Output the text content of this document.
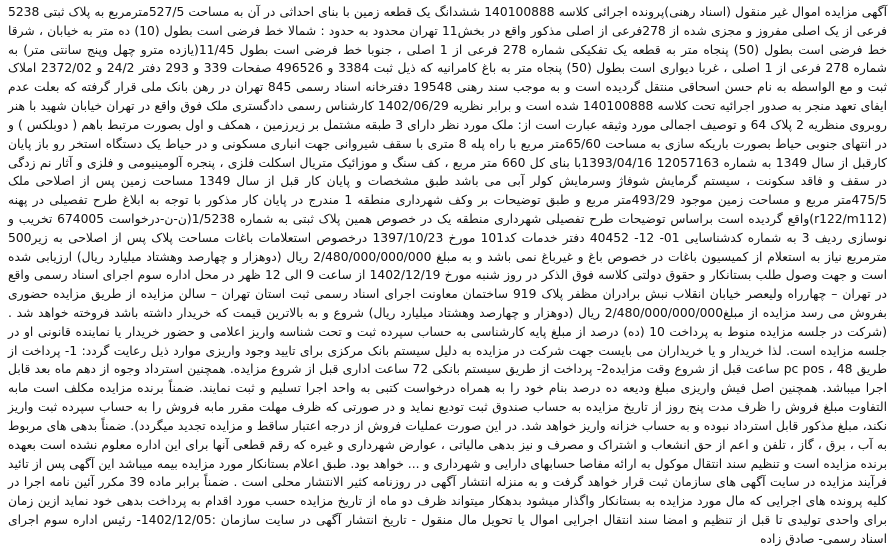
آگهی مزایده اموال غیر منقول (اسناد رهنی)پرونده اجرائی کلاسه 140100888 ششدانگ یک قطعه زمین با بنای احداثی در آن به مساحت 527/5مترمربع به پلاک ثبتی 5238 فرعی از یک اصلی مفروز و مجزی شده از 278فرعی از اصلی مذکور واقع در بخش11 تهران محدود به حدود : شمالا خط فرضی است بطول (10) ده متر به خیابان ، شرقا خط فرضی است بطول (50) پنجاه متر به قطعه یک تفکیکی شماره 278 فرعی از 1 اصلی ، جنوبا خط فرضی است بطول 11/45(یازده مترو چهل وپنج سانتی متر) به شماره 278 فرعی از 1 اصلی ، غربا دیواری است بطول (50) پنجاه متر به باغ کامرانیه که ذیل ثبت 3384 و 496526 صفحات 339 و 293 دفتر 24/2 و 2372/02 املاک ثبت و مع الواسطه به نام حسن اسحاقی منتقل گردیده است و به موجب سند رهنی 19548 دفترخانه اسناد رسمی 845 تهران در رهن بانک ملی قرار گرفته که بعلت عدم ایفای تعهد منجر به صدور اجرائیه تحت کلاسه 140100888 شده است و برابر نظریه 1402/06/29 کارشناس رسمی دادگستری ملک فوق واقع در تهران خیابان شهید با هنر روبروی منظریه 2 پلاک 64 و توصیف اجمالی مورد وثیقه عبارت است از: ملک مورد نظر دارای 3 طبقه مشتمل بر زیرزمین ، همکف و اول بصورت مرتبط باهم ( دوبلکس ) و در انتهای جنوبی حیاط بصورت باریکه سازی به مساحت 65/60متر مربع با راه پله 8 متری با سقف شیروانی جهت انباری مسکونی و در حیاط یک دستگاه استخر رو باز پایان کارقبل از سال 1349 به شماره 12057163 1393/04/16با بنای کل 660 متر مربع ، کف سنگ و موزائیک متریال اسکلت فلزی ، پنجره آلومینیومی و فلزی و آثار نم زدگی در سقف و فاقد سکونت ، سیستم گرمایش شوفاژ وسرمایش کولر آبی می باشد طبق مشخصات و پایان کار قبل از سال 1349 مساحت زمین پس از اصلاحی ملک 475/5متر مربع و مساحت زمین موجود 493/29متر مربع و طبق توضیحات بر وکف شهرداری منطقه 1 مندرج در پایان کار مذکور با توجه به ابلاغ طرح تفصیلی در پهنه (r122/m112)واقع گردیده است براساس توضیحات طرح تفصیلی شهرداری منطقه یک در خصوص همین پلاک ثبتی به شماره 1/5238(ن-ن-درخواست 674005 تخریب و نوسازی ردیف 3 به شماره کدشناسایی 01- 12- 40452 دفتر خدمات کد101 مورخ 1397/10/23 درخصوص استعلامات باغات مساحت پلاک پس از اصلاحی به زیر500 مترمربع نیاز به استعلام از کمیسیون باغات در خصوص باغ و غیرباغ نمی باشد و به مبلغ 2/480/000/000/000 ریال (دوهزار و چهارصد وهشتاد میلیارد ریال) ارزیابی شده است و جهت وصول طلب بستانکار و حقوق دولتی کلاسه فوق الذکر در روز شنبه مورخ 1402/12/19 از ساعت 9 الی 12 ظهر در محل اداره سوم اجرای اسناد رسمی واقع در تهران – چهارراه ولیعصر خیابان انقلاب نبش برادران مظفر پلاک 919 ساختمان معاونت اجرای اسناد رسمی ثبت استان تهران – سالن مزایده از طریق مزایده حضوری بفروش می رسد مزایده از مبلغ2/480/000/000/000 ریال (دوهزار و چهارصد وهشتاد میلیارد ریال) شروع و به بالاترین قیمت که خریدار داشته باشد فروخته خواهد شد . (شرکت در جلسه مزایده منوط به پرداخت 10 (ده) درصد از مبلغ پایه کارشناسی به حساب سپرده ثبت و تحت شناسه واریز اعلامی و حضور خریدار یا نماینده قانونی او در جلسه مزایده است. لذا خریدار و یا خریداران می بایست جهت شرکت در مزایده به دلیل سیستم بانک مرکزی برای تایید وجود واریزی موارد ذیل رعایت گردد: 1- پرداخت از طریق pc pos ، 48 ساعت قبل از شروع وقت مزایده2- پرداخت از طریق سیستم بانکی 72 ساعت اداری قبل از شروع مزایده. همچنین استرداد وجوه از دهم ماه بعد قابل اجرا میباشد. همچنین اصل فیش واریزی مبلغ ودیعه ده درصد بنام خود را به همراه درخواست کتبی به واحد اجرا تسلیم و ثبت نمایند. ضمناً برنده مزایده مکلف است مابه التفاوت مبلغ فروش را ظرف مدت پنج روز از تاریخ مزایده به حساب صندوق ثبت تودیع نماید و در صورتی که ظرف مهلت مقرر مابه فروش را به حساب سپرده ثبت واریز نکند، مبلغ مذکور قابل استرداد نبوده و به حساب خزانه واریز خواهد شد. در این صورت عملیات فروش از درجه اعتبار ساقط و مزایده تجدید میگردد). ضمناً بدهی های مربوط به آب ، برق ، گاز ، تلفن و اعم از حق انشعاب و اشتراک و مصرف و نیز بدهی مالیاتی ، عوارض شهرداری و غیره که رقم قطعی آنها برای این اداره معلوم نشده است بعهده برنده مزایده است و تنظیم سند انتقال موکول به ارائه مفاصا حسابهای دارایی و شهرداری و ... خواهد بود. طبق اعلام بستانکار مورد مزایده بیمه میباشد این آگهی پس از تائید فرآیند مزایده در سایت آگهی های سازمان ثبت قرار خواهد گرفت و به منزله انتشار آگهی در روزنامه کثیر الانتشار محلی است . ضمناً برابر ماده 39 مکرر آئین نامه اجرا در کلیه پرونده های اجرایی که مال مورد مزایده به بستانکار واگذار میشود بدهکار میتواند ظرف دو ماه از تاریخ مزایده حسب مورد اقدام به پرداخت بدهی خود نماید ازین زمان برای واحدی تولیدی تا قبل از تنظیم و امضا سند انتقال اجرایی اموال یا تحویل مال منقول - تاریخ انتشار آگهی در سایت سازمان :1402/12/05- رئیس اداره سوم اجرای اسناد رسمی- صادق زاده
